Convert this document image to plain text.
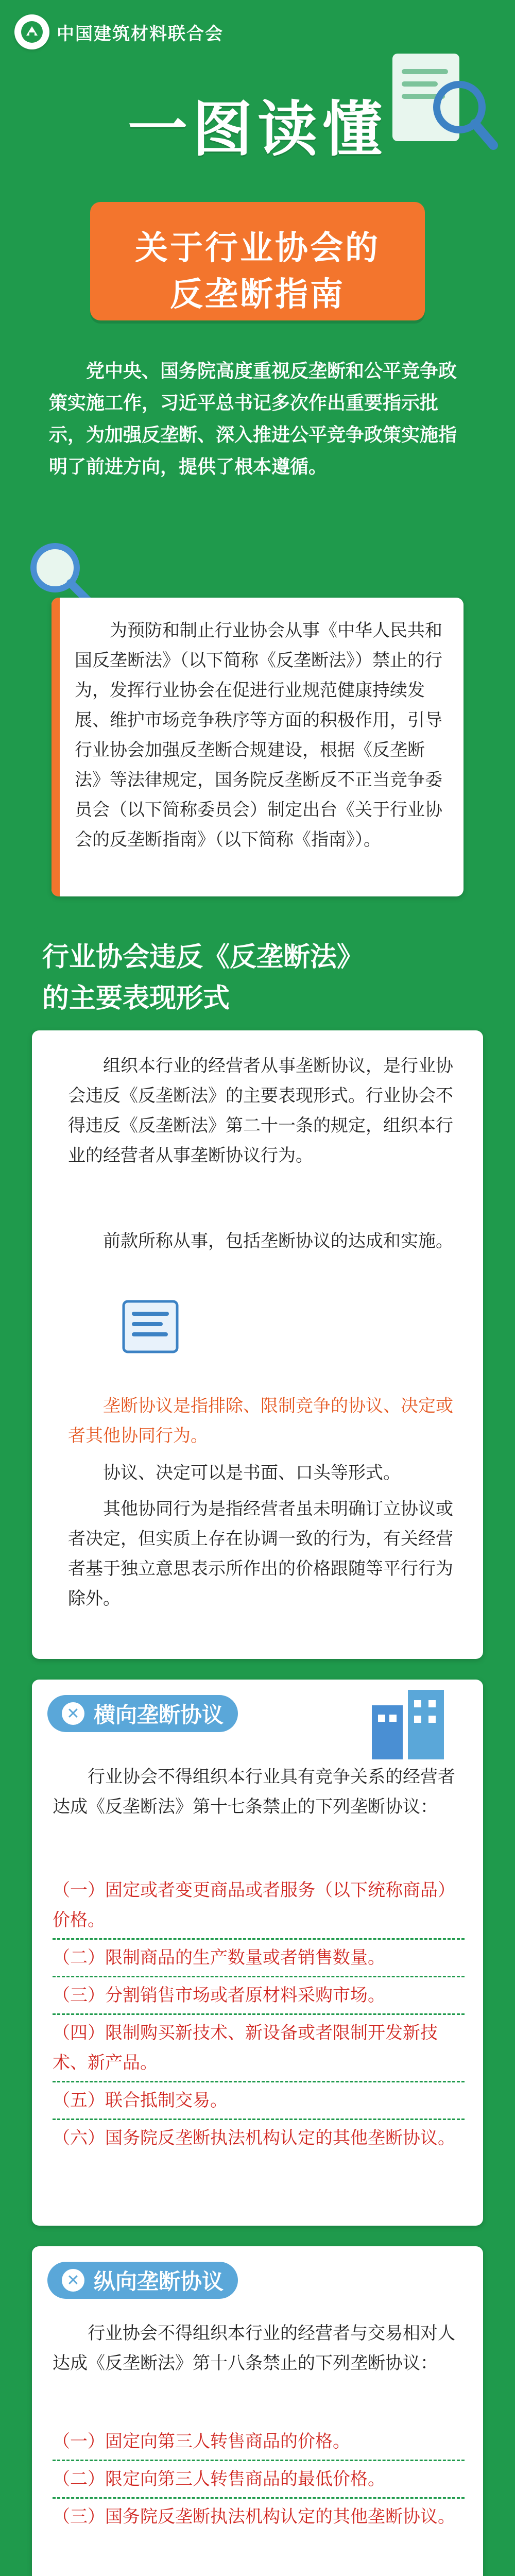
中国建筑材料联合会
一图读懂
关于行业协会的
反垄断指南
党中央、国务院高度重视反垄断和公平竞争政策实施工作，习近平总书记多次作出重要指示批示，为加强反垄断、深入推进公平竞争政策实施指明了前进方向，提供了根本遵循。
为预防和制止行业协会从事《中华人民共和国反垄断法》（以下简称《反垄断法》）禁止的行为，发挥行业协会在促进行业规范健康持续发展、维护市场竞争秩序等方面的积极作用，引导行业协会加强反垄断合规建设，根据《反垄断法》等法律规定，国务院反垄断反不正当竞争委员会（以下简称委员会）制定出台《关于行业协会的反垄断指南》（以下简称《指南》）。
行业协会违反《反垄断法》
的主要表现形式
组织本行业的经营者从事垄断协议，是行业协会违反《反垄断法》的主要表现形式。行业协会不得违反《反垄断法》第二十一条的规定，组织本行业的经营者从事垄断协议行为。
前款所称从事，包括垄断协议的达成和实施。
垄断协议是指排除、限制竞争的协议、决定或者其他协同行为。
协议、决定可以是书面、口头等形式。
其他协同行为是指经营者虽未明确订立协议或者决定，但实质上存在协调一致的行为，有关经营者基于独立意思表示所作出的价格跟随等平行行为除外。
✕ 横向垄断协议
行业协会不得组织本行业具有竞争关系的经营者达成《反垄断法》第十七条禁止的下列垄断协议：
（一）固定或者变更商品或者服务（以下统称商品）价格。
（二）限制商品的生产数量或者销售数量。
（三）分割销售市场或者原材料采购市场。
（四）限制购买新技术、新设备或者限制开发新技术、新产品。
（五）联合抵制交易。
（六）国务院反垄断执法机构认定的其他垄断协议。
✕ 纵向垄断协议
行业协会不得组织本行业的经营者与交易相对人达成《反垄断法》第十八条禁止的下列垄断协议：
（一）固定向第三人转售商品的价格。
（二）限定向第三人转售商品的最低价格。
（三）国务院反垄断执法机构认定的其他垄断协议。
